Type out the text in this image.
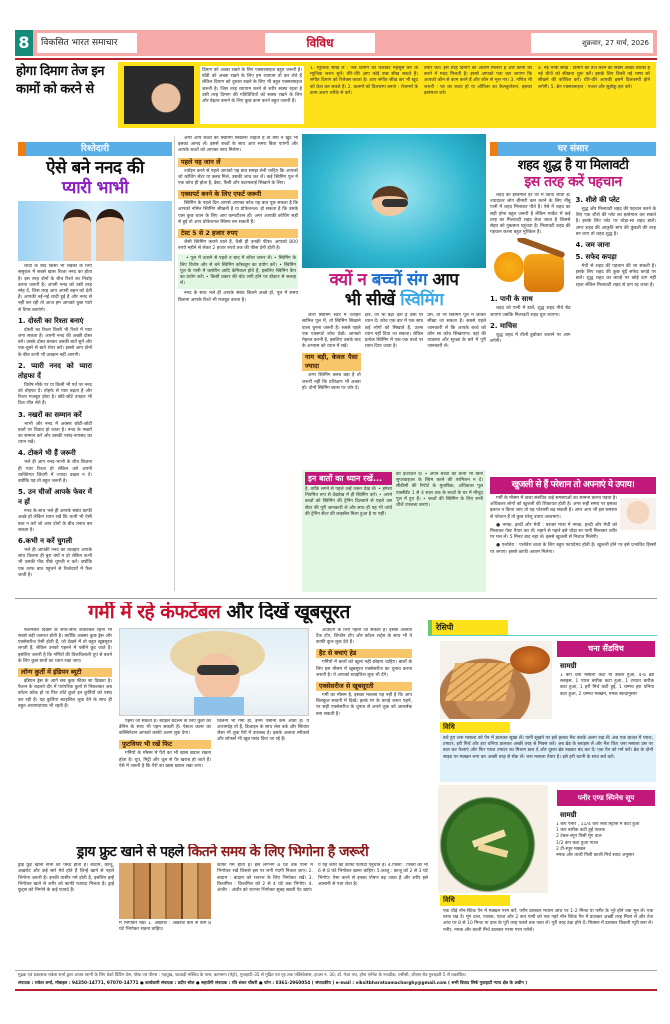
8	विकसित भारत समाचार	विविध	शुक्रवार, 27 मार्च, 2026
होगा दिमाग तेज इन कामों को करने से
दिमाग को अच्छा रखने के लिए एक्सरसाइज बहुत जरूरी है। बॉडी को अच्छा रखने के लिए हम व्यायाम तो कर लेते हैं लेकिन दिमाग को दुरुस्त रखने के लिए भी बहुत एक्सरसाइज जरूरी है। जिस तरह व्यायाम करने से शरीर स्वस्थ रहता है उसी तरह दिमाग की गतिविधियों को स्वस्थ रखने के लिए और बेहतर बनाने के लिए कुछ काम करने बहुत जरूरी हैं।
1. म्यूजिक सीख लें : जब दिमाग की थकावट महसूस करें तो म्यूजिक जरूर सुनें। धीरे-धीरे आप कोई वाद्य सीख सकते हैं। संगीत दिमाग को रिलैक्स करता है। आप संगीत सीख कर भी खुद को फ्रेश कर सकते हैं। 2. कलमों को दिलचस्प बनाएं : रोजमर्रा के काम अलग तरीके से करें।
तैयार करें। इस तरह दिमाग को आराम मिलता है और कामों को करने में मदद मिलती है। इससे आपको पता चल जाएगा कि आपको कौन से काम करने हैं और कौन से भूल गए। 3. गणित भी जरूरी : घर का बजट हो या ऑफिस का कैलकुलेशन, इसका इस्तेमाल करें।
4. नई भाषा सीखें : दिमाग को तेज करने का सबसे अच्छा तरीका है नई चीजें को सीखना शुरू करें। इसके लिए किसी नई भाषा को सीखने की कोशिश करें। धीरे-धीरे आपकी इसमें दिलचस्पी होने लगेगी। 5. ब्रेन एक्सरसाइज : पजल और सुडोकू हल करें।
रिश्तेदारी
ऐसे बने ननद की
प्यारी भाभी

शादी के बाद किसी भी लड़की के लिए ससुराल में सबसे खास रिश्ता ननद का होता है। इस तरह दोनों के बीच रिश्ते का निर्वाह करना जरूरी है। अपनी ननद को उसी तरह स्नेह दें, जिस तरह आप अपनी बहन को देती हैं। आपकी नई-नई शादी हुई है और ननद से नहीं बन रही तो आज हम आपको कुछ प्यारे से टिप्स बताएंगे।

1. दोस्ती का रिश्ता बनाएं

दोस्ती का रिश्ता किसी भी रिश्ते में प्यार जगा सकता है। अपनी ननद की अच्छी दोस्त बनें। उसके दोस्त बनकर उसकी बातें सुनें और एक-दूसरे से बातें शेयर करें। इससे आप दोनों के बीच कभी भी उलझन नहीं आएगी।

2. प्यारी ननद को प्यारा तोहफा दें

विशेष मौके पर या किसी भी पर्व पर ननद को तोहफा दें। तोहफे से प्यार बढ़ता है और रिश्ता मजबूत होता है। छोटे-छोटे उपहार भी दिल जीत लेते हैं।

3. नखरों का सम्मान करें

भाभी और ननद में अक्सर छोटी-छोटी बातों पर विवाद हो जाता है। ननद के नखरों का सम्मान करें और उसकी पसंद-नापसंद का ध्यान रखें।

4. टोकने भी हैं जरूरी

भले ही आप ननद-भाभी के बीच कितना ही प्यार रिश्ता हो लेकिन उसे अपनी व्यक्तिगत जिंदगी में ज्यादा दखल न दें। क्योंकि यह तो बहुत जरूरी है।

5. उन चीजों आपके फेवर में न हों

ननद के साथ भले ही आपके संबंध काफी अच्छे हों लेकिन ध्यान रखें कि कभी भी ऐसी बात न करें जो आप दोनों के बीच तनाव बन सकता है।

6.कभी न करें चुगली

भले ही आपकी ननद का व्यवहार आपके साथ कितना ही बुरा क्यों न हो लेकिन कभी भी उसकी पीठ पीछे चुगली न करें। क्योंकि एक तरफ बात पहुंचने से रिश्तेदारों में फैल जाती है।

अगर आप बच्चों को स्विमिंग सिखाना चाहती हैं तो क्यों न खुद भी इसका आनंद लें। इससे बच्चों के साथ आप समय बिता पाएंगी और आपके बच्चों को आपका साथ मिलेगा।

पहले यह जान लें

ज्वॉइन करने से पहले आपको यह बात समझ लेनी चाहिए कि आपको जो कोचिंग सेंटर या क्लब मिले, उसकी जांच कर लें। कई स्विमिंग पूल में एक कोच ही होता है, ब्रेस्ट, फैंसी और बटरफ्लाई सिखाने के लिए।

एक्सपर्ट बनने के लिए एफर्ट जरूरी

स्विमिंग के पहले दिन आपसे आपका कोच यह बात पूछ सकता है कि आपको नॉर्मल स्विमिंग सीखनी है या प्रोफेशनल। हो सकता है कि उसके पास कुछ चयन के लिए आए कम्पटीशन हों। अगर आपकी कोचिंग सही से हुई तो आप प्रोफेशनल स्विमर बन सकती हैं।

टेस्ट 5 से 2 हजार रुपए

जैसी स्विमिंग कराने वाले हैं, वैसी ही उनकी फीस। आपको 800 रुपये महीने से लेकर 2 हजार रुपये तक की फीस देनी होती है।

• पूल में उतरने से पहले व बाद में शॉवर जरूर लें। • स्विमिंग के लिए विशेष और से बने स्विमिंग कॉस्ट्यूम का प्रयोग करें। • स्विमिंग पूल के पानी में क्लोरीन आदि केमिकल होते हैं, इसलिए स्विमिंग कैप का प्रयोग करें। • किसी प्रकार की चोट लगी होने पर डॉक्टर से सलाह लें।

ननद के साथ भले ही आपके संबंध कितने अच्छे हों, पूल में समय बिताना आपके रिश्ते भी मजबूत करता है।

क्यों न बच्चों संग आप
भी सीखें स्विमिंग

जारी स्विमिंग सेंटर में ज्वाइन सामिल पूल में, तो स्विमिंग सिखाने वाला चुनना जरूरी है। सबसे पहले एक एक्सपर्ट कोच देखें। आपको मेहनत करनी है, इसलिए उसके बाद के अभ्यास को ध्यान में रखें।

नाम बड़ी, केवल पैसा ज्यादा

अगर स्विमिंग क्लब बड़ा है तो जरूरी नहीं कि प्रशिक्षण भी अच्छा हो। दोनों स्विमिंग ब्यास पर जोर दें।

क्षेत्र, जो भी बढ़ा देता है उसी पर ध्यान दें। कोच एक बार में एक साथ कई लोगों को सिखाते हैं, उतना ध्यान नहीं दिया जा सकता। लेकिन प्रत्येक स्विमिंग में एक-एक बच्चे पर ध्यान दिया जाता है।
प्रेम, तो भी स्विमिंग पूल में जाकर सीखा जा सकता है। सबसे पहले जानकारी लें कि आपके बच्चे को कौन सा कोच सिखाएगा। वहां की व्यवस्था और सुरक्षा के बारे में पूरी जानकारी लें।
इन बातों का ध्यान रखें...
है, ताकि लगने से पहले उन्हें जरूर देख लें। • हमेशा नियमित रूप से देखरेख में ही स्विमिंग करें। • अपने बच्चों को स्विमिंग की ट्रेनिंग दिलवाने से पहले उस सेंटर की पूरी जानकारी लें और साथ ही यह भी जांचें की ट्रेनिंग सेंटर की लाइसेंस मिला हुआ है या नहीं।
की इजाजत दें। • अपने बच्चों को कभी भी बिना सुपरवाइजर के स्विम करने की परमिशन न दें। सीडीसी की रिपोर्ट के मुताबिक, अधिकतर पूल एक्सीडेंट 1 से 4 साल तक के बच्चों के घर में मौजूद पूल में हुए हैं। • बच्चों की स्विमिंग के लिए सभी चीजें उपलब्ध कराएं।
घर संसार
शहद शुद्ध है या मिलावटी
इस तरह करें पहचान

शहद का इस्तेमाल हर घर में किया जाता है। ज्यादातर लोग बीमारी कम करने के लिए नींबू पानी में शहद मिलाकर पीते हैं। ऐसे में शहद का सही होना बहुत जरूरी है लेकिन मार्केट में कई तरह का मिलावटी शहद बेचा जाता है जिससे सेहत को नुकसान पहुंचता है। मिलावटी शहद की पहचान करना बहुत मुश्किल है।

1. पानी के साथ

शहद को पानी में डालें, शुद्ध शहद नीचे बैठ जाएगा जबकि मिलावटी शहद घुल जाएगा।

2. माचिस

शुद्ध शहद में तीली डुबोकर जलाने पर आग लगेगी।

3. शीशे की प्लेट

शुद्ध और मिलावटी शहद की पहचान करने के लिए एक शीशे की प्लेट का इस्तेमाल कर सकते हैं। इसके लिए प्लेट पर थोड़ा-सा शहद डालें। अगर शहद की आकृति सांप की कुंडली की तरह बन जाए तो शहद शुद्ध है।

4. जम जाना
5. सफेद कपड़ा

मेथी से शहद की पहचान की जा सकती है। इसके लिए शहद की कुछ बूंदें सफेद कपड़े पर डालें। शुद्ध शहद का कपड़े पर कोई दाग नहीं रहता लेकिन मिलावटी शहद से दाग रह जाता है।

खुजली से हैं परेशान तो अपनाएं ये उपाय।

गर्मी के मौसम में त्वचा संबंधित कई समस्याओं का सामना करना पड़ता है। अधिकतर लोगों को खुजली की शिकायत होती है। अगर सही समय पर इसका इलाज न किया जाए तो यह परेशानी बढ़ सकती है। अगर आप भी इस समस्या से परेशान हैं तो कुछ घरेलू उपाय आजमाएं।

● नमक, हल्दी और मेथी : बराबर मात्रा में नमक, हल्दी और मेथी को मिलाकर पेस्ट तैयार कर लें। नहाने से पहले इसे थोड़ा सा पानी मिलाकर शरीर पर मल लें। 5 मिनट बाद नहा लें। इससे खुजली से निजात मिलेगी।

● एलोवेरा : एलोवेरा त्वचा के लिए बहुत फायदेमंद होती है। खुजली होने पर इसे प्रभावित हिस्सों पर लगाएं। इससे काफी आराम मिलेगा।

गर्मी में रहे कंफर्टेबल और दिखें खूबसूरत

फैशनेबल दिखने के साथ-साथ कंफर्टेबल रहना भी सबसे बड़ी जरूरत होती है। क्योंकि अक्सर कुछ ड्रेस और एक्सेसरीज ऐसी होती हैं, जो देखने में तो बहुत खूबसूरत लगती हैं, लेकिन उनको पहनने में पसीने छूट जाते हैं। इसलिए जरूरी है कि गर्मियों की चिलचिलाती धूप से बचने के लिए कुछ बातों का ध्यान रखा जाए।

लॉन्ग कुर्ती में इंडियन ब्यूटी

इंडियन ड्रेस के आगे सब कुछ फीका सा दिखता है। फैशन के बदलते दौर में पारंपरिक कुर्ता से निकलकर अब कॉटन फ्रॉक हो या फिर शॉर्ट कुर्ता इन कुर्तियों को पसंद कर रही हैं। यह कुर्तियां स्टाइलिश लुक देने के साथ ही बहुत आरामदायक भी रहती हैं।

पहना जा सकता है। स्टाइल बदलने के लिए कुर्ती को डेनिम के साथ भी पहन सकती हैं। पेस्टल कलर का कॉम्बिनेशन आपको काफी अलग लुक देगा।

फुटवियर भी रखें फिट

गर्मियों के मौसम में पैरों का भी खास ख्याल रखना होता है। धूप, मिट्टी और धूल से पैर खराब हो जाते हैं। ऐसे में जरूरी है कि पैरों का खास ख्याल रखा जाए।

कितनी भी गर्मी हो, इनमें पसीना कम आता है। ये आरामदेह तो हैं, डिजाइन के साथ लेस वर्क और सितारा जैसा भी लुक पैरों में उपलब्ध है। इसके अलावा स्नीकर्स और लोफर्स भी खूब पसंद किए जा रहे हैं।

आउटिंग के लिए पहना जा सकता है। इसके अलावा टैंक टॉप, शिफॉन टॉप और कॉटन शर्ट्स के साथ भी ये काफी कूल लुक देते हैं।

हैट से बचाएं हेड

गर्मियों में बालों को खुला नहीं छोड़ना चाहिए। बालों के लिए इस मौसम में खूबसूरत एक्सेसरीज का चुनाव करना जरूरी है। ये आपको स्टाइलिश लुक भी देंगे।

एक्सेसरीज से खूबसूरती

गर्मी का मौसम है, इसका मतलब यह नहीं है कि आप बिलकुल सादगी में दिखें। हल्के रंग के कपड़े जरूर पहनें, पर सही एक्सेसरीज के चुनाव से अपने लुक को आकर्षक बना सकती हैं।

रेसिपी
चना सैंडविच
सामग्री
1 कप चना मसाला कटा या उबला हुआ, 4-6 ब्रेड स्लाइस, 1 प्याज बारीक कटा हुआ, 1 टमाटर बारीक कटा हुआ, 1 हरी मिर्च कटी हुई, 1 चम्मच हरा धनिया कटा हुआ, 2 चम्मच मक्खन, नमक स्वादानुसार
विधि
बचे हुए चना मसाला को पैन में डालकर सूखा लें। पानी सूखने पर इसे हल्का मैश करके अलग रख लें। अब एक बाउल में प्याज, टमाटर, हरी मिर्च और हरा धनिया डालकर अच्छी तरह से मिक्स करें। अब ब्रेड के स्लाइस लें और मैश किए चना मसाला उस पर डाल कर फैलाएं और फिर प्याज टमाटर का मिश्रण डाल दें और दूसरा ब्रेड रखकर बंद कर दें। एक पैन को गर्म करें। ब्रेड के दोनों साइड पर मक्खन लगा कर अच्छी तरह से सेंक लें। चना मसाला तैयार है। इसे हरी चटनी के साथ सर्व करें।
पनीर एण्ड स्पिनेच सूप
सामग्री
1 कप पनीर , 11/4 कप लंबी स्ट्रिप्स में कटा हुआ
1 कप बारीक कटी हुई पालक
2 टेबल-स्पून पिसी मूंग दाल
1/2 कप कटा हुआ प्याज
2 टी-स्पून मक्खन
नमक और ताजी पिसी काली मिर्च स्वाद अनुसार
विधि
एक चौड़े नॉन-स्टिक पैन में मक्खन गरम करें, पनीर डालकर मध्यम आंच पर 1-2 मिनट या पनीर के भूरे होने तक भून लें। एक तरफ रख दें। मूंग दाल, पालक, प्याज और 2 कप पानी को एक गहरे नॉन स्टिक पैन में डालकर अच्छी तरह मिला लें और तेज आंच पर 8 से 10 मिनट या दाल के पूरी तरह पकने तक पका लें। पूरी तरह ठंडा होने दें। मिक्सर में डालकर चिकनी प्यूरी बना लें। पनीर, नमक और काली मिर्च डालकर गरमा गरम परोसें।
ड्राय फ्रुट खाने से पहले कितने समय के लिए भिगोना है जरूरी
ड्राई फ्रूट खाना सभी को पसंद होता है। बादाम, काजू, अखरोट और कई सारे मेवे होते हैं जिन्हें खाने से पहले भिगोना जरूरी है। इनकी तासीर गर्म होती है, इसलिए इन्हें भिगोकर खाने से शरीर को काफी फायदा मिलता है। ड्राई फ्रूट्स को भिगोने के कई फायदे हैं।
में भिगोकर रखें। 1. अखरोट : अखरोट कम से कम 8 घंटे भिगोकर रखना चाहिए।
काफी गर्म होती है। इसे लगभग 8 घंटे तक पानी में भिगोकर रखें जिससे इस पर लगी गंदगी निकल जाए। 2. बादाम : बादाम को रातभर के लिए भिगोकर रखें। 3. किशमिश : किशमिश को 2 से 4 घंटे तक भिगोएं। 4. अंजीर : अंजीर को रातभर भिगोकर सुबह खाली पेट खाएं।
ये यह शरीर को काफी फायदा पहुंचाते हैं। 4.पिस्ता : पिस्ता को भी 6 से 8 घंटे भिगोकर खाना चाहिए। 5.काजू : काजू को 2 से 3 घंटे भिगोएं। ऐसा करने से इनका पोषण बढ़ जाता है और शरीर इसे आसानी से पचा लेता है।
मुद्रक एवं प्रकाशक राकेश शर्मा द्वारा अजय त्यागी के लिए डेको प्रिंटिंग प्रेस, पोस्ट एवं पीएस : गड़पुख, पटवाड़ी मस्जिद के पास, कामरूप (मेट्रो), गुवाहाटी-35 से मुद्रित एवं गृह तक पब्लिकेशंस, हाउस नं. 30, डॉ. नेजा पथ, होना एनेनेट के नजदीक, एसीसी, जीएस रोड गुवाहाटी-5 से प्रकाशित।
संपादक : राकेश शर्मा, मोबाइल : 94350-14771, 97070-14771 ● कार्यकारी संपादक : प्रदीप सोल ● सहयोगी संपादक : रवि शंकर चौधरी ● फोन : 0361-2960054 ( संपादकीय ) e-mail : viksitbharatsamacharghy@gmail.com ( सभी विवाद सिर्फ गुवाहाटी न्याय क्षेत्र के अधीन )
